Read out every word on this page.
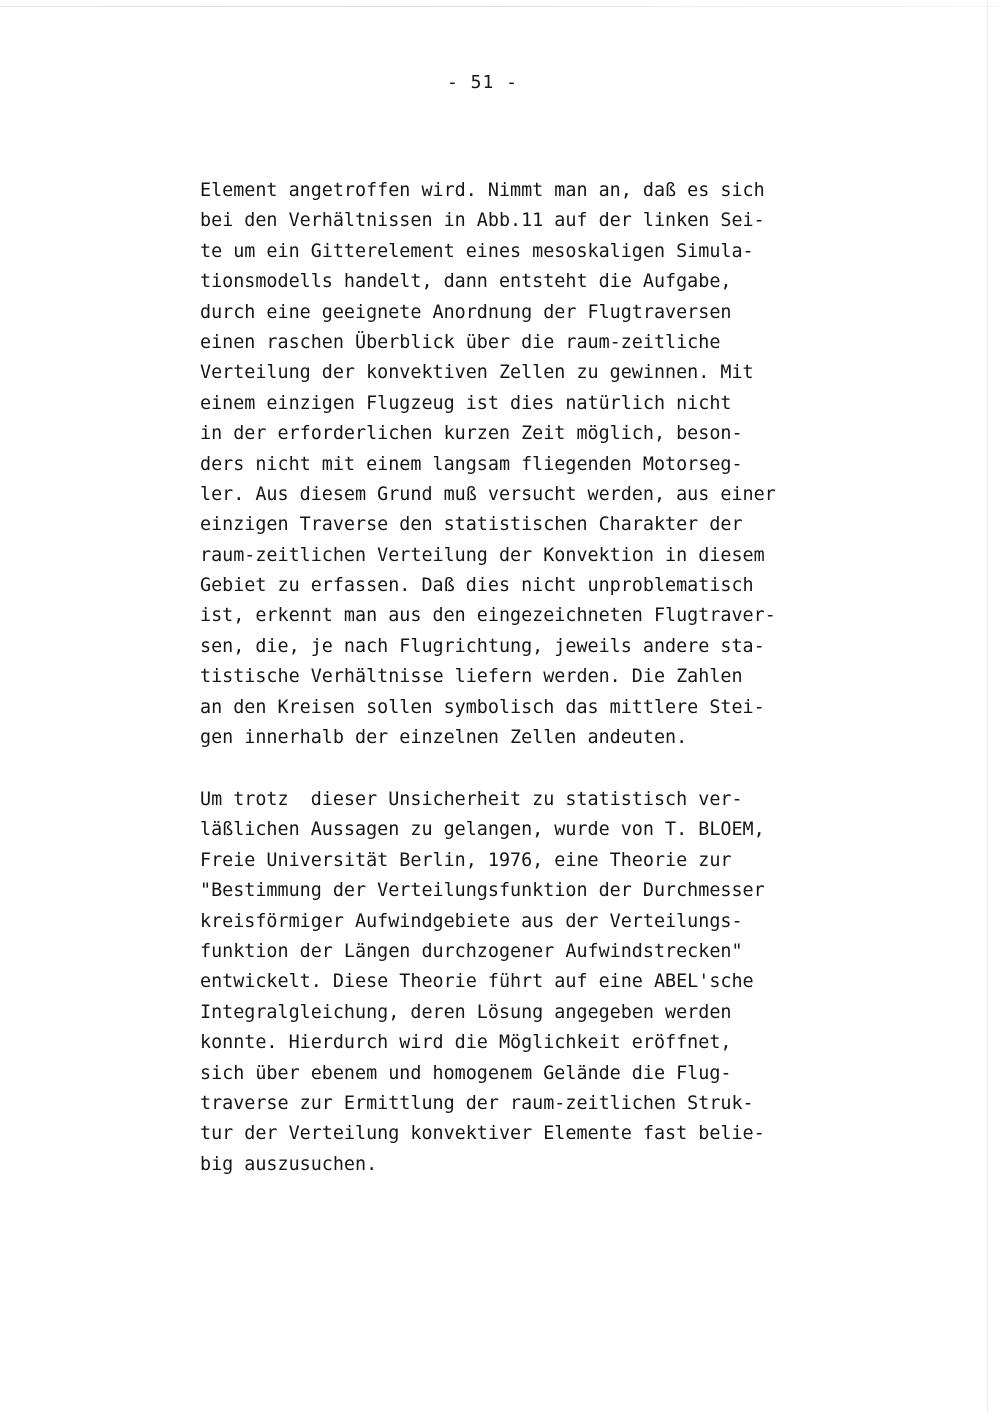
- 51 -
Element angetroffen wird. Nimmt man an, daß es sich
bei den Verhältnissen in Abb.11 auf der linken Sei-
te um ein Gitterelement eines mesoskaligen Simula-
tionsmodells handelt, dann entsteht die Aufgabe,
durch eine geeignete Anordnung der Flugtraversen
einen raschen Überblick über die raum-zeitliche
Verteilung der konvektiven Zellen zu gewinnen. Mit
einem einzigen Flugzeug ist dies natürlich nicht
in der erforderlichen kurzen Zeit möglich, beson-
ders nicht mit einem langsam fliegenden Motorseg-
ler. Aus diesem Grund muß versucht werden, aus einer
einzigen Traverse den statistischen Charakter der
raum-zeitlichen Verteilung der Konvektion in diesem
Gebiet zu erfassen. Daß dies nicht unproblematisch
ist, erkennt man aus den eingezeichneten Flugtraver-
sen, die, je nach Flugrichtung, jeweils andere sta-
tistische Verhältnisse liefern werden. Die Zahlen
an den Kreisen sollen symbolisch das mittlere Stei-
gen innerhalb der einzelnen Zellen andeuten.
Um trotz  dieser Unsicherheit zu statistisch ver-
läßlichen Aussagen zu gelangen, wurde von T. BLOEM,
Freie Universität Berlin, 1976, eine Theorie zur
"Bestimmung der Verteilungsfunktion der Durchmesser
kreisförmiger Aufwindgebiete aus der Verteilungs-
funktion der Längen durchzogener Aufwindstrecken"
entwickelt. Diese Theorie führt auf eine ABEL'sche
Integralgleichung, deren Lösung angegeben werden
konnte. Hierdurch wird die Möglichkeit eröffnet,
sich über ebenem und homogenem Gelände die Flug-
traverse zur Ermittlung der raum-zeitlichen Struk-
tur der Verteilung konvektiver Elemente fast belie-
big auszusuchen.
